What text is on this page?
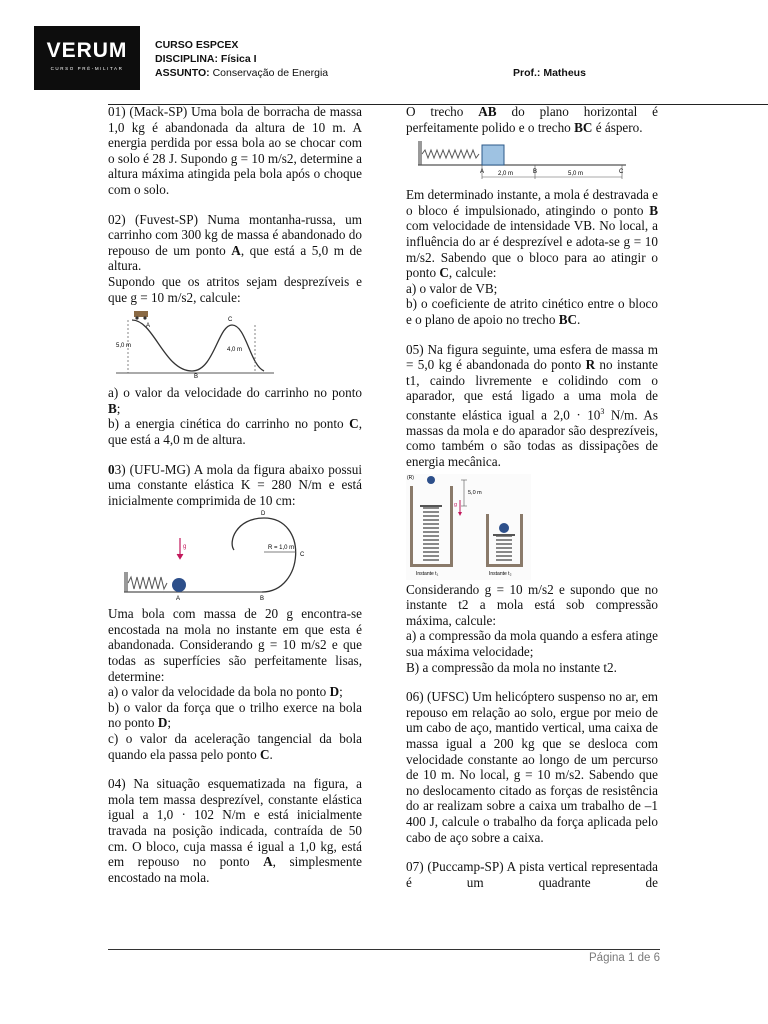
VERUM
CURSO PRÉ-MILITAR
CURSO ESPCEX
DISCIPLINA: Física I
ASSUNTO: Conservação de Energia	Prof.: Matheus

01) (Mack-SP) Uma bola de borracha de massa 1,0 kg é abandonada da altura de 10 m. A energia perdida por essa bola ao se chocar com o solo é 28 J. Supondo g = 10 m/s2, determine a altura máxima atingida pela bola após o choque com o solo.

02) (Fuvest-SP) Numa montanha-russa, um carrinho com 300 kg de massa é abandonado do repouso de um ponto A, que está a 5,0 m de altura.

Supondo que os atritos sejam desprezíveis e que g = 10 m/s2, calcule:

A
B
C
5,0 m
4,0 m

a) o valor da velocidade do carrinho no ponto B;

b) a energia cinética do carrinho no ponto C, que está a 4,0 m de altura.

03) (UFU-MG) A mola da figura abaixo possui uma constante elástica K = 280 N/m e está inicialmente comprimida de 10 cm:

g
D
C
A	B
R = 1,0 m

Uma bola com massa de 20 g encontra-se encostada na mola no instante em que esta é abandonada. Considerando g = 10 m/s2 e que todas as superfícies são perfeitamente lisas, determine:

a) o valor da velocidade da bola no ponto D;

b) o valor da força que o trilho exerce na bola no ponto D;

c) o valor da aceleração tangencial da bola quando ela passa pelo ponto C.

04) Na situação esquematizada na figura, a mola tem massa desprezível, constante elástica igual a 1,0 · 102 N/m e está inicialmente travada na posição indicada, contraída de 50 cm. O bloco, cuja massa é igual a 1,0 kg, está em repouso no ponto A, simplesmente encostado na mola.

O trecho AB do plano horizontal é perfeitamente polido e o trecho BC é áspero.

A	B	C
2,0 m	5,0 m

Em determinado instante, a mola é destravada e o bloco é impulsionado, atingindo o ponto B com velocidade de intensidade VB. No local, a influência do ar é desprezível e adota-se g = 10 m/s2. Sabendo que o bloco para ao atingir o ponto C, calcule:

a) o valor de VB;

b) o coeficiente de atrito cinético entre o bloco e o plano de apoio no trecho BC.

05) Na figura seguinte, uma esfera de massa m = 5,0 kg é abandonada do ponto R no instante t1, caindo livremente e colidindo com o aparador, que está ligado a uma mola de constante elástica igual a $2,0 \cdot 10^3$ N/m. As massas da mola e do aparador são desprezíveis, como também o são todas as dissipações de energia mecânica.

(R)
5,0 m
g
Instante t₁	Instante t₂

Considerando g = 10 m/s2 e supondo que no instante t2 a mola está sob compressão máxima, calcule:

a) a compressão da mola quando a esfera atinge sua máxima velocidade;

B) a compressão da mola no instante t2.

06) (UFSC) Um helicóptero suspenso no ar, em repouso em relação ao solo, ergue por meio de um cabo de aço, mantido vertical, uma caixa de massa igual a 200 kg que se desloca com velocidade constante ao longo de um percurso de 10 m. No local, g = 10 m/s2. Sabendo que no deslocamento citado as forças de resistência do ar realizam sobre a caixa um trabalho de –1 400 J, calcule o trabalho da força aplicada pelo cabo de aço sobre a caixa.

07) (Puccamp-SP) A pista vertical representada é um quadrante de

Página 1 de 6
